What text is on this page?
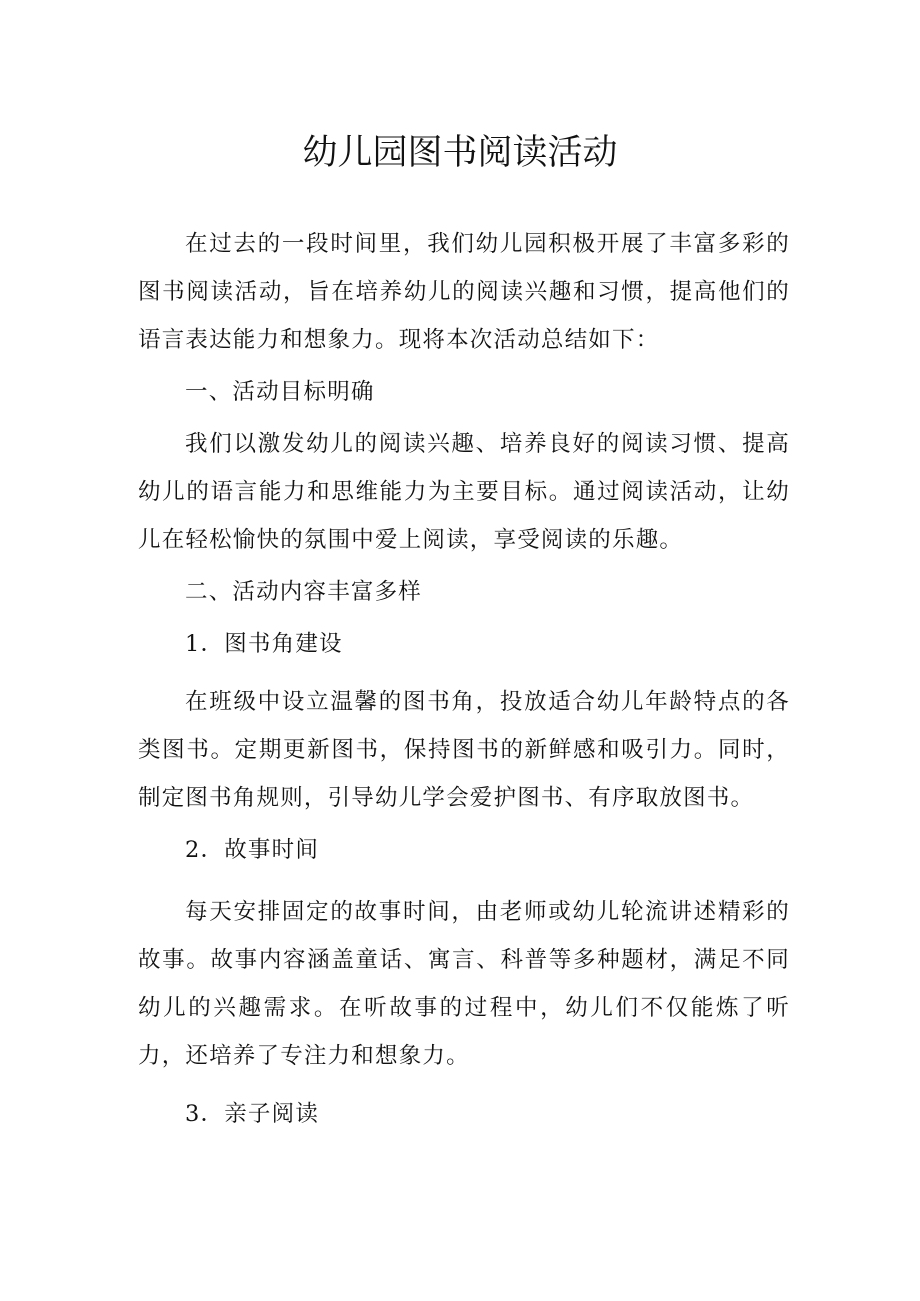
幼儿园图书阅读活动

在过去的一段时间里，我们幼儿园积极开展了丰富多彩的图书阅读活动，旨在培养幼儿的阅读兴趣和习惯，提高他们的语言表达能力和想象力。现将本次活动总结如下：

一、活动目标明确

我们以激发幼儿的阅读兴趣、培养良好的阅读习惯、提高幼儿的语言能力和思维能力为主要目标。通过阅读活动，让幼儿在轻松愉快的氛围中爱上阅读，享受阅读的乐趣。

二、活动内容丰富多样

1．图书角建设

在班级中设立温馨的图书角，投放适合幼儿年龄特点的各类图书。定期更新图书，保持图书的新鲜感和吸引力。同时，制定图书角规则，引导幼儿学会爱护图书、有序取放图书。

2．故事时间

每天安排固定的故事时间，由老师或幼儿轮流讲述精彩的故事。故事内容涵盖童话、寓言、科普等多种题材，满足不同幼儿的兴趣需求。在听故事的过程中，幼儿们不仅能炼了听力，还培养了专注力和想象力。

3．亲子阅读
